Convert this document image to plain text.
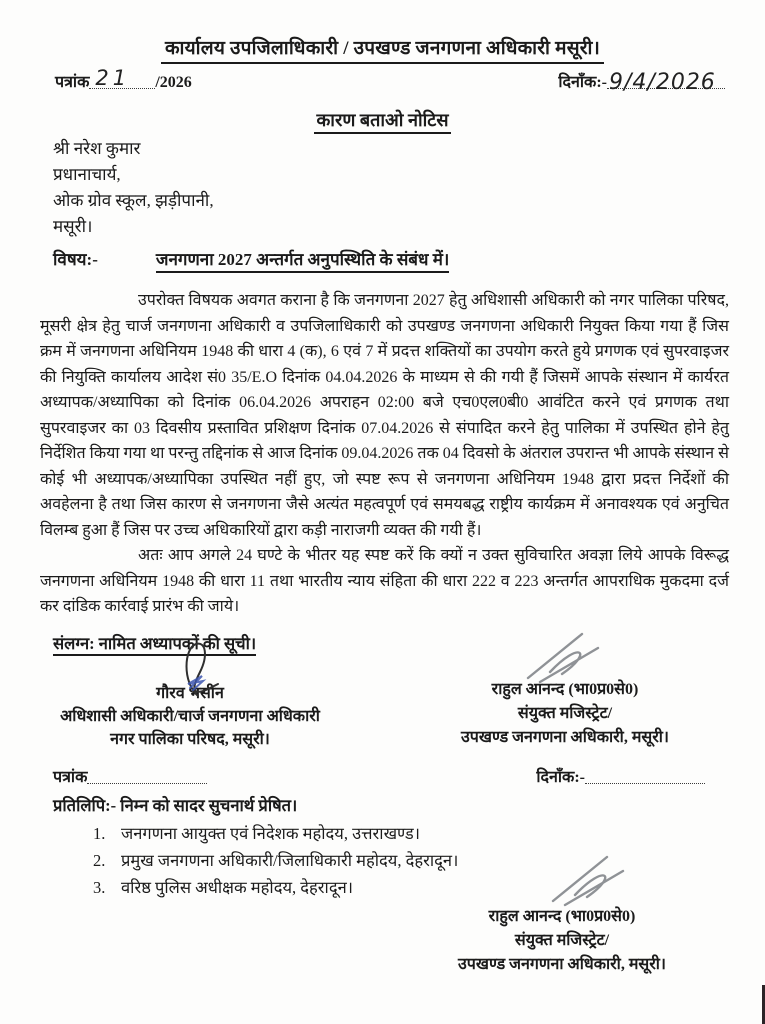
कार्यालय उपजिलाधिकारी / उपखण्ड जनगणना अधिकारी मसूरी।
पत्रांक 21 /2026	दिनाँक:- 9/4/2026
कारण बताओ नोटिस
श्री नरेश कुमार
प्रधानाचार्य,
ओक ग्रोव स्कूल, झड़ीपानी,
मसूरी।
विषय:-	जनगणना 2027 अन्तर्गत अनुपस्थिति के संबंध में।
उपरोक्त विषयक अवगत कराना है कि जनगणना 2027 हेतु अधिशासी अधिकारी को नगर पालिका परिषद, मूसरी क्षेत्र हेतु चार्ज जनगणना अधिकारी व उपजिलाधिकारी को उपखण्ड जनगणना अधिकारी नियुक्त किया गया हैं जिस क्रम में जनगणना अधिनियम 1948 की धारा 4 (क), 6 एवं 7 में प्रदत्त शक्तियों का उपयोग करते हुये प्रगणक एवं सुपरवाइजर की नियुक्ति कार्यालय आदेश सं0 35/E.O दिनांक 04.04.2026 के माध्यम से की गयी हैं जिसमें आपके संस्थान में कार्यरत अध्यापक/अध्यापिका को दिनांक 06.04.2026 अपराहन 02:00 बजे एच0एल0बी0 आवंटित करने एवं प्रगणक तथा सुपरवाइजर का 03 दिवसीय प्रस्तावित प्रशिक्षण दिनांक 07.04.2026 से संपादित करने हेतु पालिका में उपस्थित होने हेतु निर्देशित किया गया था परन्तु तद्दिनांक से आज दिनांक 09.04.2026 तक 04 दिवसो के अंतराल उपरान्त भी आपके संस्थान से कोई भी अध्यापक/अध्यापिका उपस्थित नहीं हुए, जो स्पष्ट रूप से जनगणना अधिनियम 1948 द्वारा प्रदत्त निर्देशों की अवहेलना है तथा जिस कारण से जनगणना जैसे अत्यंत महत्वपूर्ण एवं समयबद्ध राष्ट्रीय कार्यक्रम में अनावश्यक एवं अनुचित विलम्ब हुआ हैं जिस पर उच्च अधिकारियों द्वारा कड़ी नाराजगी व्यक्त की गयी हैं।
अतः आप अगले 24 घण्टे के भीतर यह स्पष्ट करें कि क्यों न उक्त सुविचारित अवज्ञा लिये आपके विरूद्ध जनगणना अधिनियम 1948 की धारा 11 तथा भारतीय न्याय संहिता की धारा 222 व 223 अन्तर्गत आपराधिक मुकदमा दर्ज कर दांडिक कार्रवाई प्रारंभ की जाये।
संलग्न: नामित अध्यापकों की सूची।
गौरव भसीन
अधिशासी अधिकारी/चार्ज जनगणना अधिकारी
नगर पालिका परिषद, मसूरी।
राहुल आनन्द (भा0प्र0से0)
संयुक्त मजिस्ट्रेट/
उपखण्ड जनगणना अधिकारी, मसूरी।
पत्रांक	दिनाँक:-
प्रतिलिपि:- निम्न को सादर सुचनार्थ प्रेषित।
1. जनगणना आयुक्त एवं निदेशक महोदय, उत्तराखण्ड।
2. प्रमुख जनगणना अधिकारी/जिलाधिकारी महोदय, देहरादून।
3. वरिष्ठ पुलिस अधीक्षक महोदय, देहरादून।
राहुल आनन्द (भा0प्र0से0)
संयुक्त मजिस्ट्रेट/
उपखण्ड जनगणना अधिकारी, मसूरी।
